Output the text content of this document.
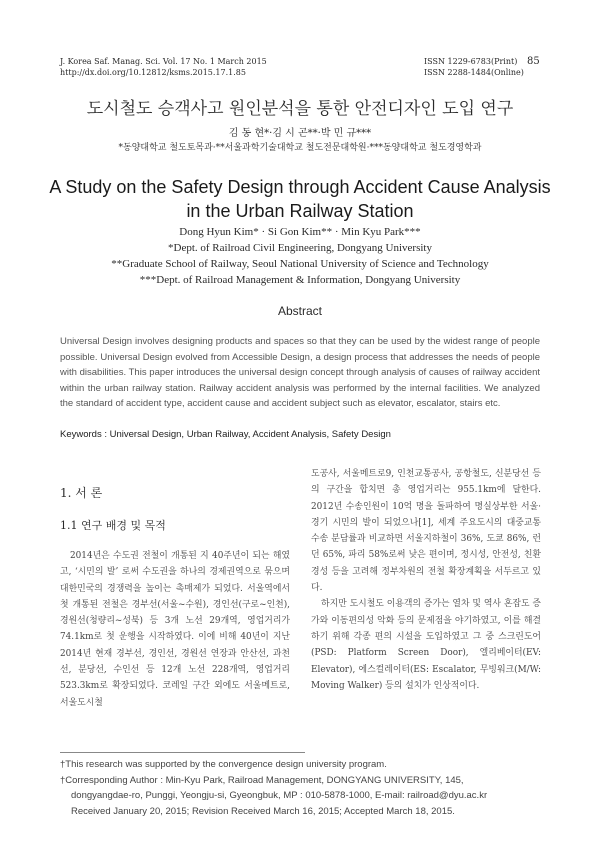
J. Korea Saf. Manag. Sci. Vol. 17 No. 1 March 2015
http://dx.doi.org/10.12812/ksms.2015.17.1.85
ISSN 1229-6783(Print)
ISSN 2288-1484(Online)
85
도시철도 승객사고 원인분석을 통한 안전디자인 도입 연구
김 동 현*·김 시 곤**·박 민 규***
*동양대학교 철도토목과·**서울과학기술대학교 철도전문대학원·***동양대학교 철도경영학과
A Study on the Safety Design through Accident Cause Analysis
in the Urban Railway Station
Dong Hyun Kim* · Si Gon Kim** · Min Kyu Park***
*Dept. of Railroad Civil Engineering, Dongyang University
**Graduate School of Railway, Seoul National University of Science and Technology
***Dept. of Railroad Management & Information, Dongyang University
Abstract
Universal Design involves designing products and spaces so that they can be used by the widest range of people possible. Universal Design evolved from Accessible Design, a design process that addresses the needs of people with disabilities. This paper introduces the universal design concept through analysis of causes of railway accident within the urban railway station. Railway accident analysis was performed by the internal facilities. We analyzed the standard of accident type, accident cause and accident subject such as elevator, escalator, stairs etc.
Keywords : Universal Design, Urban Railway, Accident Analysis, Safety Design
1. 서 론
1.1 연구 배경 및 목적

2014년은 수도권 전철이 개통된 지 40주년이 되는 해였고, ‘시민의 발’ 로써 수도권을 하나의 경제권역으로 묶으며 대한민국의 경쟁력을 높이는 촉매제가 되었다. 서울역에서 첫 개통된 전철은 경부선(서울~수원), 경인선(구로~인천), 경원선(청량리~성북) 등 3개 노선 29개역, 영업거리가 74.1km로 첫 운행을 시작하였다. 이에 비해 40년이 지난 2014년 현재 경부선, 경인선, 경원선 연장과 안산선, 과천선, 분당선, 수인선 등 12개 노선 228개역, 영업거리 523.3km로 확장되었다. 코레일 구간 외에도 서울메트로, 서울도시철

도공사, 서울메트로9, 인천교통공사, 공항철도, 신분당선 등의 구간을 합치면 총 영업거리는 955.1km에 달한다. 2012년 수송인원이 10억 명을 돌파하여 명실상부한 서울·경기 시민의 발이 되었으나[1], 세계 주요도시의 대중교통 수송 분담률과 비교하면 서울지하철이 36%, 도쿄 86%, 런던 65%, 파리 58%로써 낮은 편이며, 정시성, 안전성, 친환경성 등을 고려해 정부차원의 전철 확장계획을 서두르고 있다.

하지만 도시철도 이용객의 증가는 열차 및 역사 혼잡도 증가와 이동편의성 악화 등의 문제점을 야기하였고, 이를 해결하기 위해 각종 편의 시설을 도입하였고 그 중 스크린도어(PSD: Platform Screen Door), 엘리베이터(EV: Elevator), 에스컬레이터(ES: Escalator, 무빙워크(M/W: Moving Walker) 등의 설치가 인상적이다.

†This research was supported by the convergence design university program.
†Corresponding Author : Min-Kyu Park, Railroad Management, DONGYANG UNIVERSITY, 145,
dongyangdae-ro, Punggi, Yeongju-si, Gyeongbuk, MP : 010-5878-1000, E-mail: railroad@dyu.ac.kr
Received January 20, 2015; Revision Received March 16, 2015; Accepted March 18, 2015.
